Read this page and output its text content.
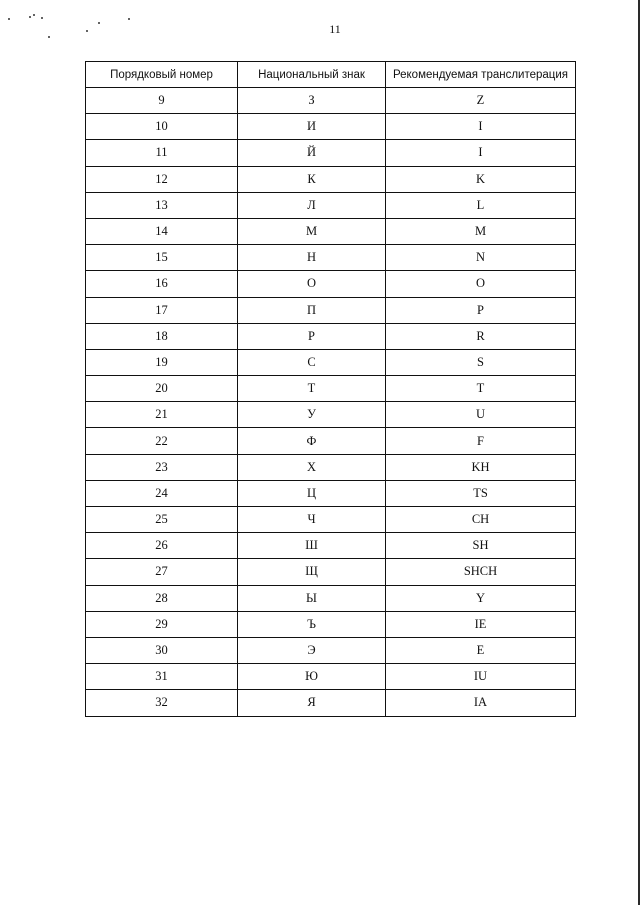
11
Порядковый номер	Национальный знак	Рекомендуемая транслитерация
9	З	Z
10	И	I
11	Й	I
12	К	K
13	Л	L
14	М	M
15	Н	N
16	О	O
17	П	P
18	Р	R
19	С	S
20	Т	T
21	У	U
22	Ф	F
23	Х	KH
24	Ц	TS
25	Ч	CH
26	Ш	SH
27	Щ	SHCH
28	Ы	Y
29	Ъ	IE
30	Э	E
31	Ю	IU
32	Я	IA
